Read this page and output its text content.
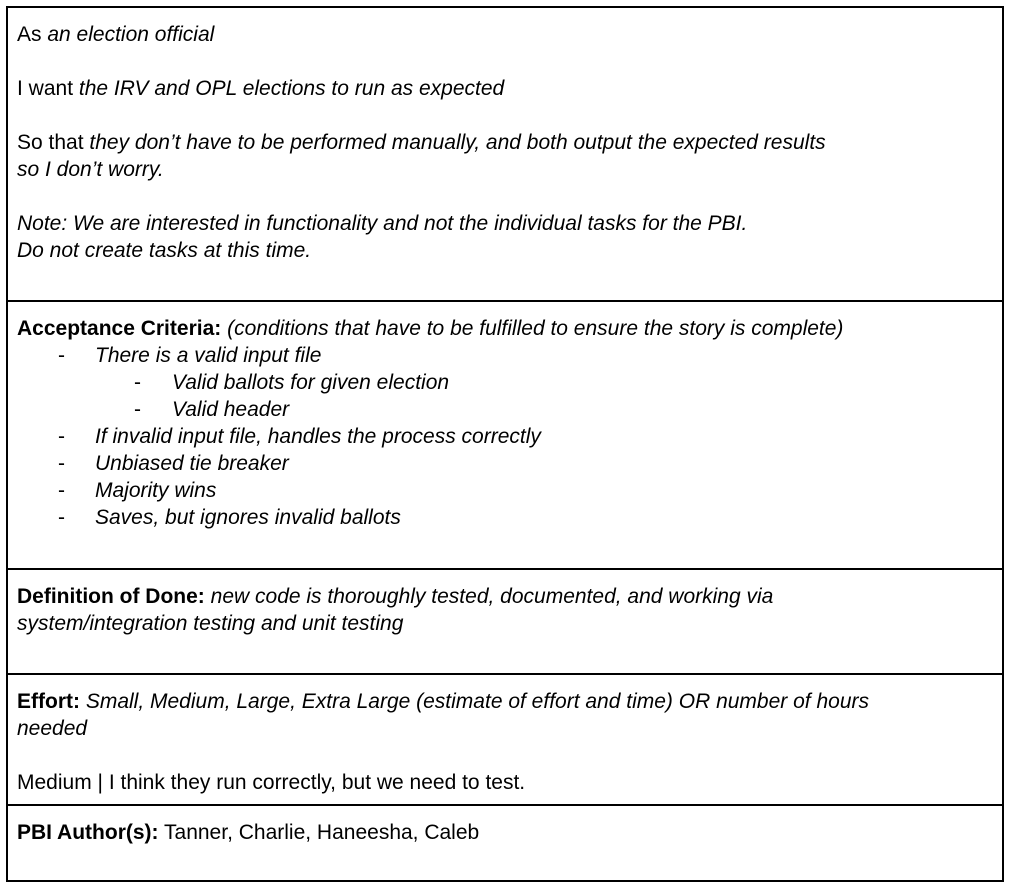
As an election official
I want the IRV and OPL elections to run as expected
So that they don’t have to be performed manually, and both output the expected results
so I don’t worry.
Note: We are interested in functionality and not the individual tasks for the PBI.
Do not create tasks at this time.
Acceptance Criteria: (conditions that have to be fulfilled to ensure the story is complete)
- There is a valid input file
- Valid ballots for given election
- Valid header
- If invalid input file, handles the process correctly
- Unbiased tie breaker
- Majority wins
- Saves, but ignores invalid ballots
Definition of Done: new code is thoroughly tested, documented, and working via
system/integration testing and unit testing
Effort: Small, Medium, Large, Extra Large (estimate of effort and time) OR number of hours
needed
Medium | I think they run correctly, but we need to test.
PBI Author(s): Tanner, Charlie, Haneesha, Caleb
